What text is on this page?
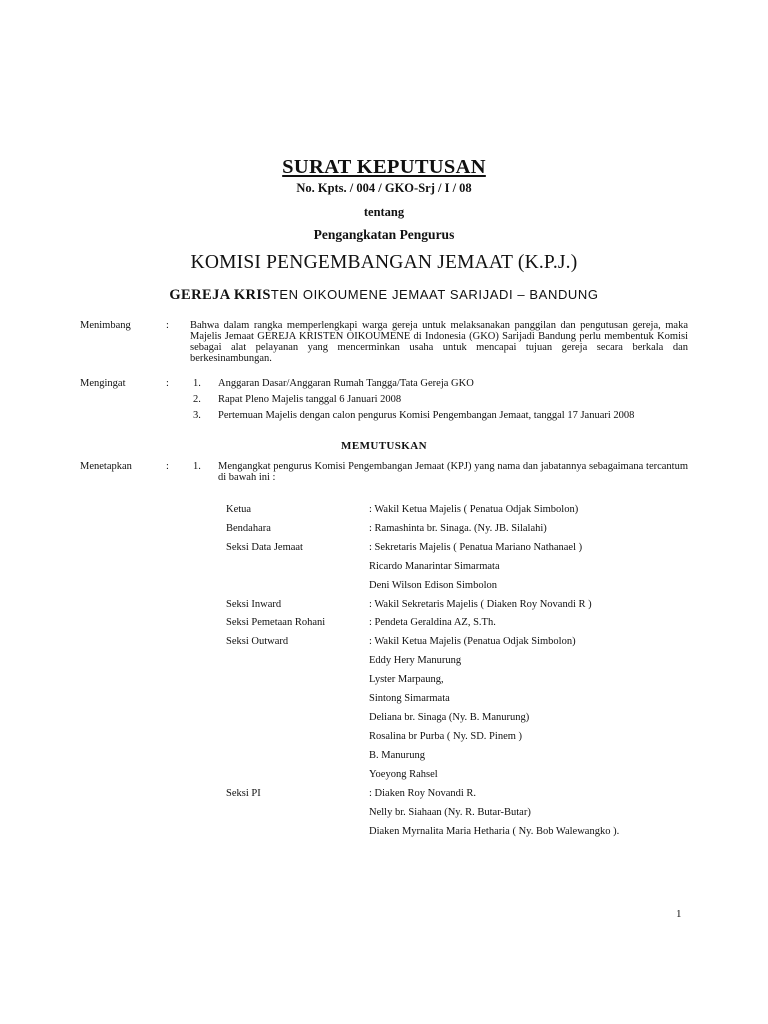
SURAT KEPUTUSAN
No. Kpts. / 004 / GKO-Srj / I / 08
tentang
Pengangkatan Pengurus
KOMISI PENGEMBANGAN JEMAAT (K.P.J.)
GEREJA KRISTEN OIKOUMENE JEMAAT SARIJADI – BANDUNG
Menimbang	: Bahwa dalam rangka memperlengkapi warga gereja untuk melaksanakan panggilan dan pengutusan gereja, maka Majelis Jemaat GEREJA KRISTEN OIKOUMENE di Indonesia (GKO) Sarijadi Bandung perlu membentuk Komisi sebagai alat pelayanan yang mencerminkan usaha untuk mencapai tujuan gereja secara berkala dan berkesinambungan.
Mengingat	: 1. Anggaran Dasar/Anggaran Rumah Tangga/Tata Gereja GKO
2. Rapat Pleno Majelis tanggal 6 Januari 2008
3. Pertemuan Majelis dengan calon pengurus Komisi Pengembangan Jemaat, tanggal 17 Januari 2008
MEMUTUSKAN
Menetapkan	: 1. Mengangkat pengurus Komisi Pengembangan Jemaat (KPJ) yang nama dan jabatannya sebagaimana tercantum di bawah ini :
Ketua	: Wakil Ketua Majelis ( Penatua Odjak Simbolon)
Bendahara	: Ramashinta br. Sinaga. (Ny. JB. Silalahi)
Seksi Data Jemaat	: Sekretaris Majelis ( Penatua Mariano Nathanael )
Ricardo Manarintar Simarmata
Deni Wilson Edison Simbolon
Seksi Inward	: Wakil Sekretaris Majelis ( Diaken Roy Novandi R )
Seksi Pemetaan Rohani	: Pendeta Geraldina AZ, S.Th.
Seksi Outward	: Wakil Ketua Majelis (Penatua Odjak Simbolon)
Eddy Hery Manurung
Lyster Marpaung,
Sintong Simarmata
Deliana br. Sinaga (Ny. B. Manurung)
Rosalina br Purba ( Ny. SD. Pinem )
B. Manurung
Yoeyong Rahsel
Seksi PI	: Diaken Roy Novandi R.
Nelly br. Siahaan (Ny. R. Butar-Butar)
Diaken Myrnalita Maria Hetharia ( Ny. Bob Walewangko ).
1
